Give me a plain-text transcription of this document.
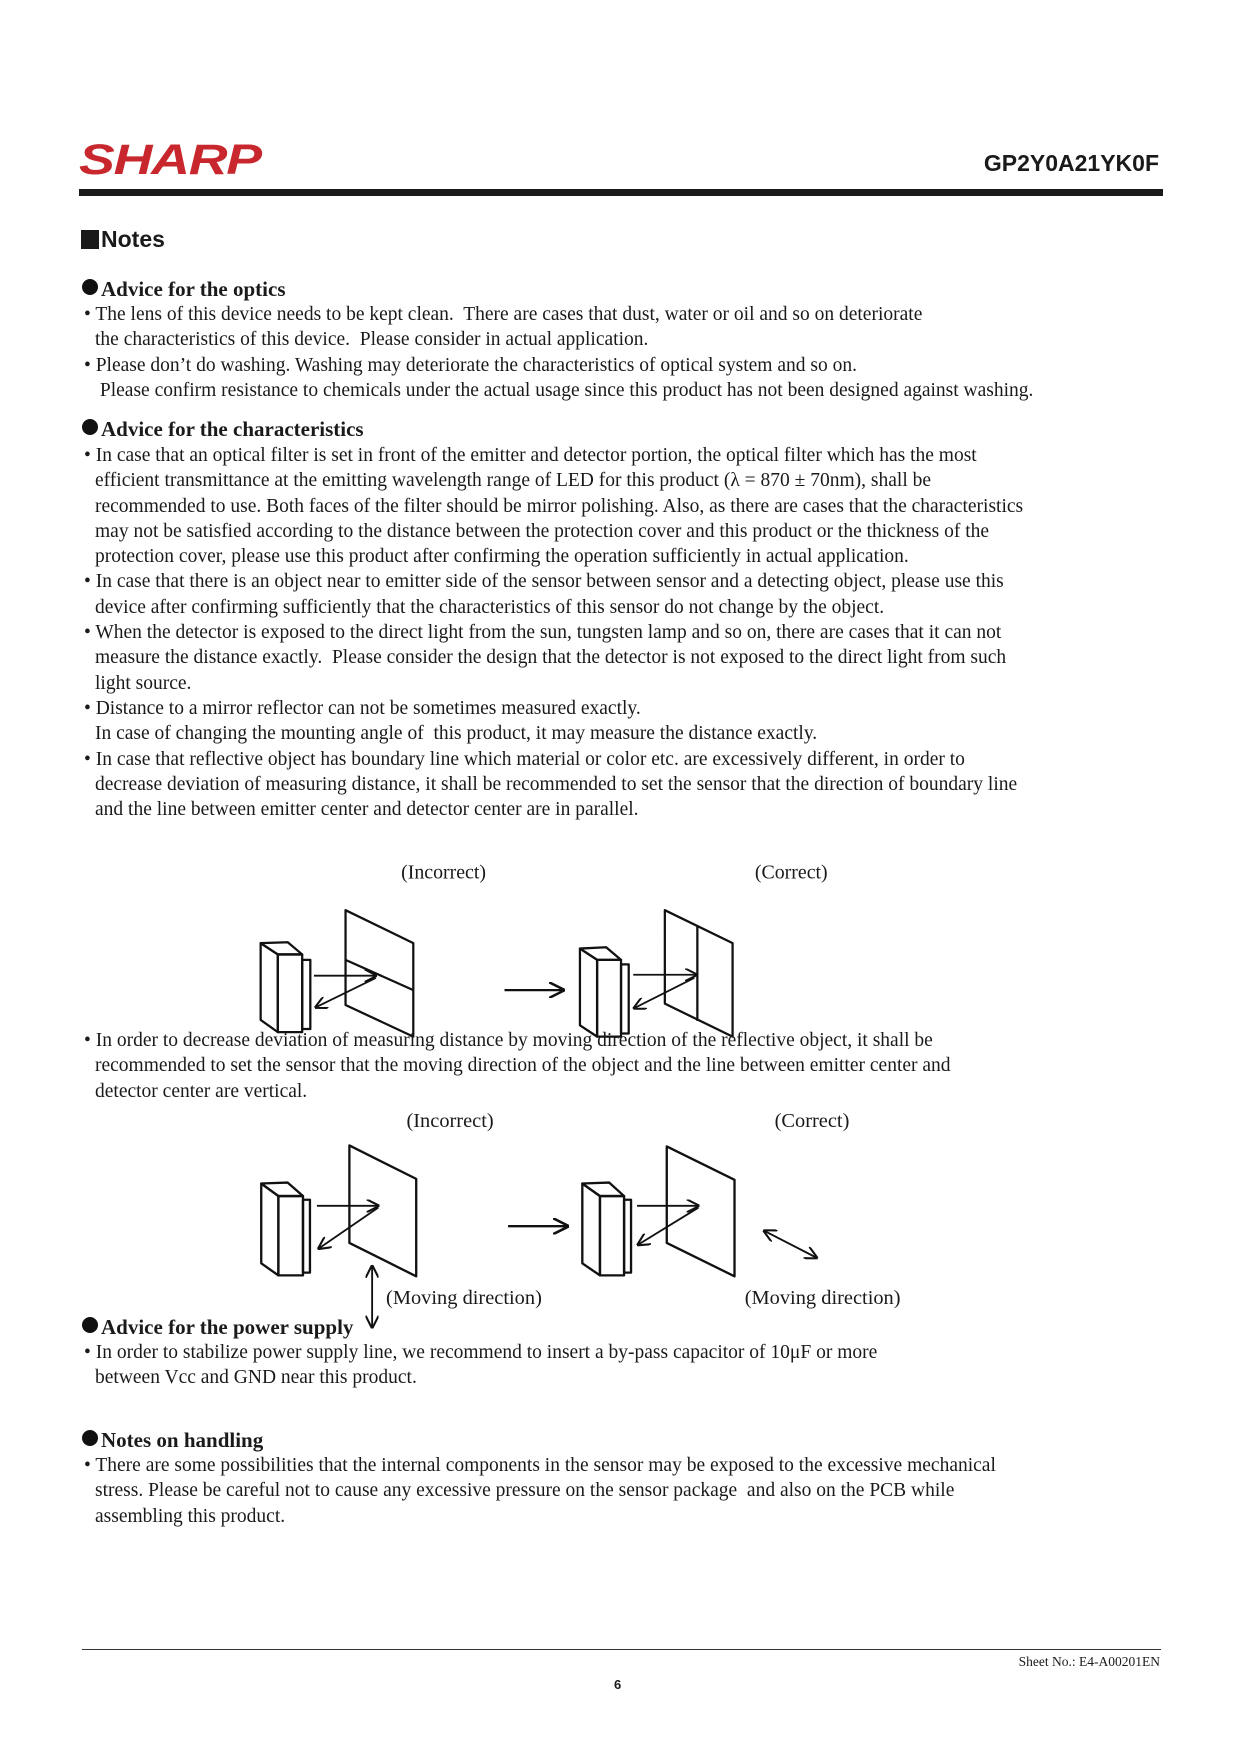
SHARP	GP2Y0A21YK0F
Notes
Advice for the optics
• The lens of this device needs to be kept clean.  There are cases that dust, water or oil and so on deteriorate
the characteristics of this device.  Please consider in actual application.
• Please don’t do washing. Washing may deteriorate the characteristics of optical system and so on.
Please confirm resistance to chemicals under the actual usage since this product has not been designed against washing.
Advice for the characteristics
• In case that an optical filter is set in front of the emitter and detector portion, the optical filter which has the most
efficient transmittance at the emitting wavelength range of LED for this product (λ = 870 ± 70nm), shall be
recommended to use. Both faces of the filter should be mirror polishing. Also, as there are cases that the characteristics
may not be satisfied according to the distance between the protection cover and this product or the thickness of the
protection cover, please use this product after confirming the operation sufficiently in actual application.
• In case that there is an object near to emitter side of the sensor between sensor and a detecting object, please use this
device after confirming sufficiently that the characteristics of this sensor do not change by the object.
• When the detector is exposed to the direct light from the sun, tungsten lamp and so on, there are cases that it can not
measure the distance exactly.  Please consider the design that the detector is not exposed to the direct light from such
light source.
• Distance to a mirror reflector can not be sometimes measured exactly.
In case of changing the mounting angle of  this product, it may measure the distance exactly.
• In case that reflective object has boundary line which material or color etc. are excessively different, in order to
decrease deviation of measuring distance, it shall be recommended to set the sensor that the direction of boundary line
and the line between emitter center and detector center are in parallel.
(Incorrect)	(Correct)
• In order to decrease deviation of measuring distance by moving direction of the reflective object, it shall be
recommended to set the sensor that the moving direction of the object and the line between emitter center and
detector center are vertical.
(Incorrect)	(Correct)
(Moving direction)	(Moving direction)
Advice for the power supply
• In order to stabilize power supply line, we recommend to insert a by-pass capacitor of 10μF or more
between Vcc and GND near this product.
Notes on handling
• There are some possibilities that the internal components in the sensor may be exposed to the excessive mechanical
stress. Please be careful not to cause any excessive pressure on the sensor package  and also on the PCB while
assembling this product.
Sheet No.: E4-A00201EN
6
